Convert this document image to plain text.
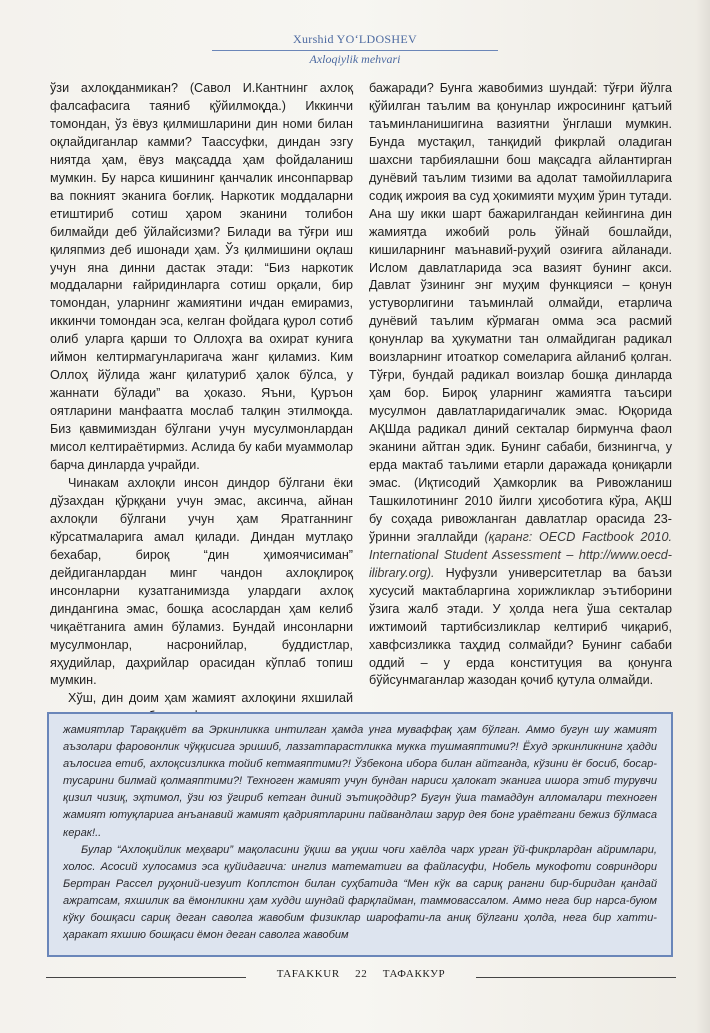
Xurshid YO‘LDOSHEV
Axloqiylik mehvari

ўзи ахлоқданмикан? (Савол И.Кантнинг ахлоқ фалсафасига таяниб қўйилмоқда.) Иккинчи томондан, ўз ёвуз қилмишларини дин номи билан оқлайдиганлар камми? Таассуфки, диндан эзгу ниятда ҳам, ёвуз мақсадда ҳам фойдаланиш мумкин. Бу нарса кишининг қанчалик инсонпарвар ва покният эканига боғлиқ. Наркотик моддаларни етиштириб сотиш ҳаром эканини толибон билмайди деб ўйлайсизми? Билади ва тўғри иш қиляпмиз деб ишонади ҳам. Ўз қилмишини оқлаш учун яна динни дастак этади: “Биз наркотик моддаларни ғайридинларга сотиш орқали, бир томондан, уларнинг жамиятини ичдан емирамиз, иккинчи томондан эса, келган фойдага қурол сотиб олиб уларга қарши то Оллоҳга ва охират кунига иймон келтирмагунларигача жанг қиламиз. Ким Оллоҳ йўлида жанг қилатуриб ҳалок бўлса, у жаннати бўлади” ва ҳоказо. Яъни, Қуръон оятларини манфаатга мослаб талқин этилмоқда. Биз қавмимиздан бўлгани учун мусулмонлардан мисол келтираётирмиз. Аслида бу каби муаммолар барча динларда учрайди.

Чинакам ахлоқли инсон диндор бўлгани ёки дўзахдан қўрққани учун эмас, аксинча, айнан ахлоқли бўлгани учун ҳам Яратганнинг кўрсатмаларига амал қилади. Диндан мутлақо бехабар, бироқ “дин ҳимоячисиман” дейдиганлардан минг чандон ахлоқлироқ инсонларни кузатганимизда улардаги ахлоқ диндангина эмас, бошқа асослардан ҳам келиб чиқаётганига амин бўламиз. Бундай инсонларни мусулмонлар, насронийлар, буддистлар, яҳудийлар, даҳрийлар орасидан кўплаб топиш мумкин.

Хўш, дин доим ҳам жамият ахлоқини яхшилай

бажаради? Бунга жавобимиз шундай: тўғри йўлга қўйилган таълим ва қонунлар ижросининг қатъий таъминланишигина вазиятни ўнглаши мумкин. Бунда мустақил, танқидий фикрлай оладиган шахсни тарбиялашни бош мақсадга айлантирган дунёвий таълим тизими ва адолат тамойилларига содиқ ижроия ва суд ҳокимияти муҳим ўрин тутади. Ана шу икки шарт бажарилгандан кейингина дин жамиятда ижобий роль ўйнай бошлайди, кишиларнинг маънавий-руҳий озиғига айланади. Ислом давлатларида эса вазият бунинг акси. Давлат ўзининг энг муҳим функцияси – қонун устуворлигини таъминлай олмайди, етарлича дунёвий таълим кўрмаган омма эса расмий қонунлар ва ҳукуматни тан олмайдиган радикал воизларнинг итоаткор сомеларига айланиб қолган. Тўғри, бундай радикал воизлар бошқа динларда ҳам бор. Бироқ уларнинг жамиятга таъсири мусулмон давлатларидагичалик эмас. Юқорида АҚШда радикал диний секталар бирмунча фаол эканини айтган эдик. Бунинг сабаби, бизнингча, у ерда мактаб таълими етарли даражада қониқарли эмас. (Иқтисодий Ҳамкорлик ва Ривожланиш Ташкилотининг 2010 йилги ҳисоботига кўра, АҚШ бу соҳада ривожланган давлатлар орасида 23-ўринни эгаллайди (қаранг: OECD Factbook 2010. International Student Assessment – http://www.oecd-ilibrary.org). Нуфузли университетлар ва баъзи хусусий мактабларгина хорижликлар эътиборини ўзига жалб этади. У ҳолда нега ўша секталар ижтимоий тартибсизликлар келтириб чиқариб, хавфсизликка таҳдид солмайди? Бунинг сабаби оддий – у ерда конституция ва қонунга бўйсунмаганлар жазодан қочиб қутула олмайди.

жамиятлар Тараққиёт ва Эркинликка интилган ҳамда унга муваффақ ҳам бўлган. Аммо бугун шу жамият аъзолари фаровонлик чўққисига эришиб, лаззатпарастликка мукка тушмаяптими?! Ёхуд эркинликнинг ҳадди аълосига етиб, ахлоқсизликка тойиб кетмаяптими?! Ўзбекона ибора билан айтганда, кўзини ёғ босиб, босар-тусарини билмай қолмаяптими?! Техноген жамият учун бундан нариси ҳалокат эканига ишора этиб турувчи қизил чизиқ, эҳтимол, ўзи юз ўгириб кетган диний эътиқоддир? Бугун ўша тамаддун алломалари техноген жамият ютуқларига анъанавий жамият қадриятларини пайвандлаш зарур дея бонг урaётгани бежиз бўлмаса керак!..

Булар “Ахлоқийлик меҳвари” мақоласини ўқиш ва уқиш чоғи хаёлда чарх урган ўй-фикрлардан айримлари, холос. Асосий хулосамиз эса қуйидагича: инглиз математиги ва файласуфи, Нобель мукофоти совриндори Бертран Рассел руҳоний-иезуит Коплстон билан суҳбатида “Мен кўк ва сариқ рангни бир-биридан қандай ажратсам, яхшилик ва ёмонликни ҳам худди шундай фарқлайман, таммовассалом. Аммо нега бир нарса-буюм кўку бошқаси сариқ деган саволга жавобим физиклар шарофати-ла аниқ бўлгани ҳолда, нега бир хатти-ҳаракат яхшию бошқаси ёмон деган саволга жавобим

TAFAKKUR 22 ТАФАККУР
